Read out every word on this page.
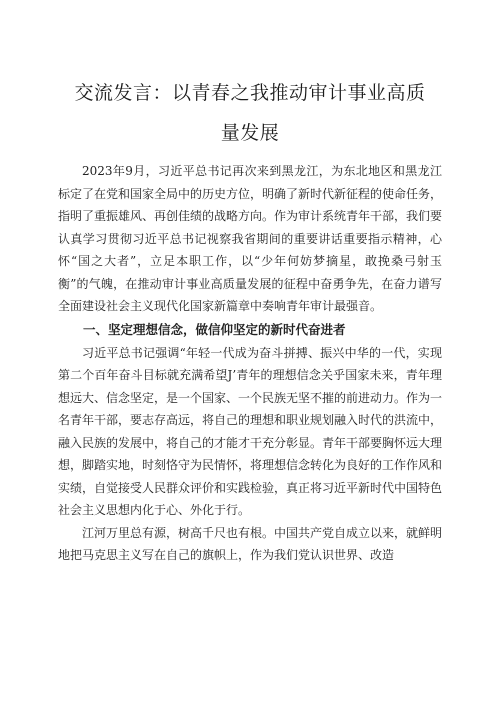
交流发言：以青春之我推动审计事业高质
量发展

2023年9月，习近平总书记再次来到黑龙江，为东北地区和黑龙江标定了在党和国家全局中的历史方位，明确了新时代新征程的使命任务，指明了重振雄风、再创佳绩的战略方向。作为审计系统青年干部，我们要认真学习贯彻习近平总书记视察我省期间的重要讲话重要指示精神，心怀“国之大者”，立足本职工作，以“少年何妨梦摘星，敢挽桑弓射玉衡”的气魄，在推动审计事业高质量发展的征程中奋勇争先，在奋力谱写全面建设社会主义现代化国家新篇章中奏响青年审计最强音。

一、坚定理想信念，做信仰坚定的新时代奋进者

习近平总书记强调“年轻一代成为奋斗拼搏、振兴中华的一代，实现第二个百年奋斗目标就充满希望J’青年的理想信念关乎国家未来，青年理想远大、信念坚定，是一个国家、一个民族无坚不摧的前进动力。作为一名青年干部，要志存高远，将自己的理想和职业规划融入时代的洪流中，融入民族的发展中，将自己的才能才干充分彰显。青年干部要胸怀远大理想，脚踏实地，时刻恪守为民情怀，将理想信念转化为良好的工作作风和实绩，自觉接受人民群众评价和实践检验，真正将习近平新时代中国特色社会主义思想内化于心、外化于行。

江河万里总有源，树高千尺也有根。中国共产党自成立以来，就鲜明地把马克思主义写在自己的旗帜上，作为我们党认识世界、改造
